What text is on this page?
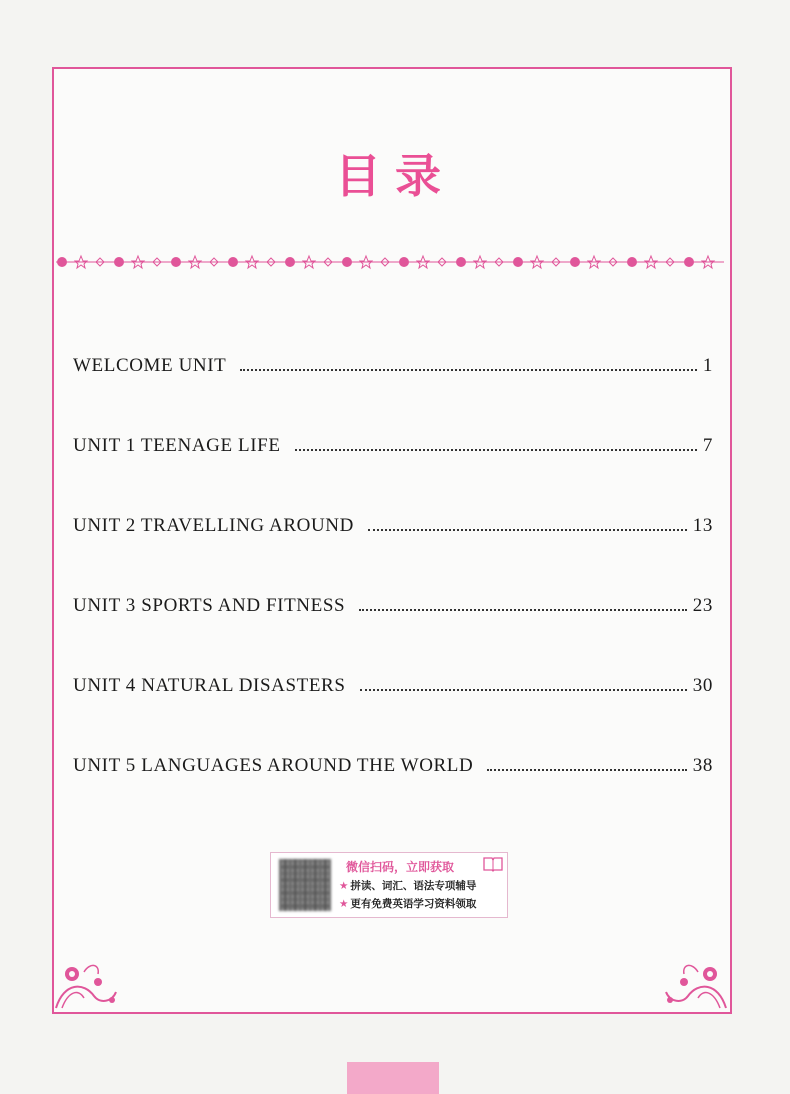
目录
WELCOME UNIT	1
UNIT 1 TEENAGE LIFE	7
UNIT 2 TRAVELLING AROUND	13
UNIT 3 SPORTS AND FITNESS	23
UNIT 4 NATURAL DISASTERS	30
UNIT 5 LANGUAGES AROUND THE WORLD	38
微信扫码，立即获取
★ 拼读、词汇、语法专项辅导
★ 更有免费英语学习资料领取
